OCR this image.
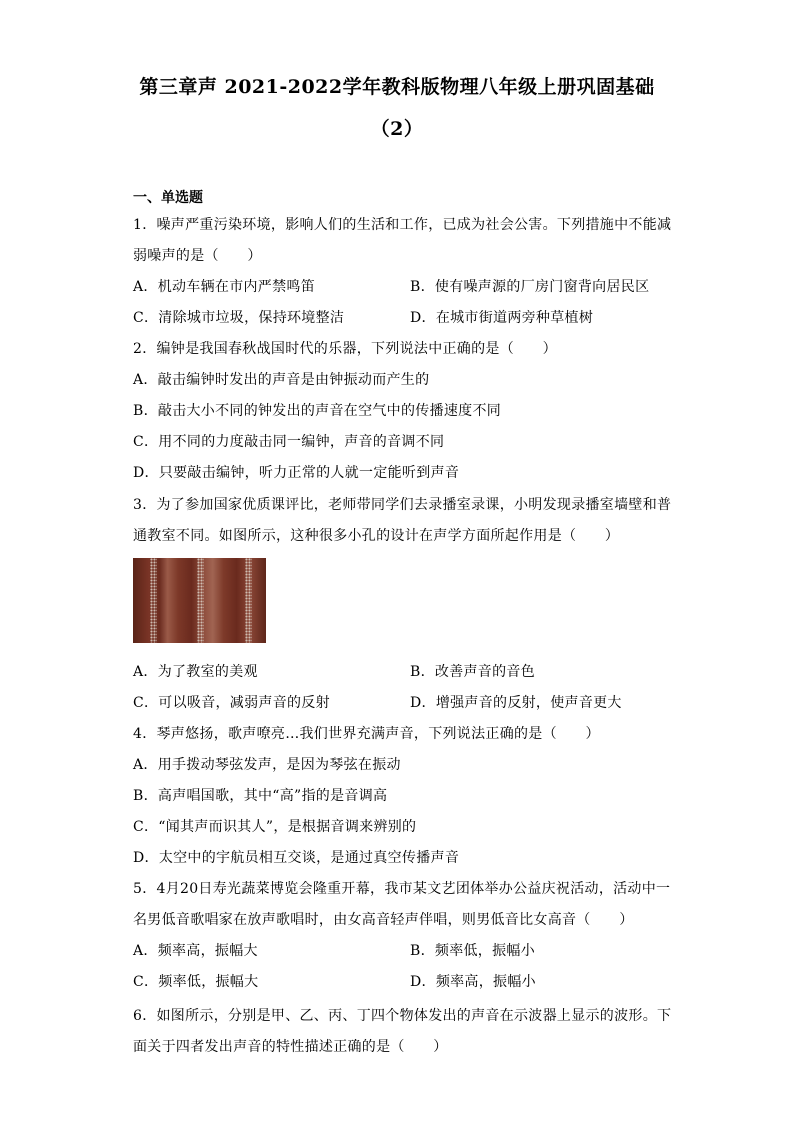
第三章声 2021-2022学年教科版物理八年级上册巩固基础
（2）
一、单选题
1．噪声严重污染环境，影响人们的生活和工作，已成为社会公害。下列措施中不能减
弱噪声的是（　　）
A．机动车辆在市内严禁鸣笛	B．使有噪声源的厂房门窗背向居民区
C．清除城市垃圾，保持环境整洁	D．在城市街道两旁种草植树
2．编钟是我国春秋战国时代的乐器，下列说法中正确的是（　　）
A．敲击编钟时发出的声音是由钟振动而产生的
B．敲击大小不同的钟发出的声音在空气中的传播速度不同
C．用不同的力度敲击同一编钟，声音的音调不同
D．只要敲击编钟，听力正常的人就一定能听到声音
3．为了参加国家优质课评比，老师带同学们去录播室录课，小明发现录播室墙壁和普
通教室不同。如图所示，这种很多小孔的设计在声学方面所起作用是（　　）
A．为了教室的美观	B．改善声音的音色
C．可以吸音，减弱声音的反射	D．增强声音的反射，使声音更大
4．琴声悠扬，歌声嘹亮…我们世界充满声音，下列说法正确的是（　　）
A．用手拨动琴弦发声，是因为琴弦在振动
B．高声唱国歌，其中“高”指的是音调高
C．“闻其声而识其人”，是根据音调来辨别的
D．太空中的宇航员相互交谈，是通过真空传播声音
5．4月20日寿光蔬菜博览会隆重开幕，我市某文艺团体举办公益庆祝活动，活动中一
名男低音歌唱家在放声歌唱时，由女高音轻声伴唱，则男低音比女高音（　　）
A．频率高，振幅大	B．频率低，振幅小
C．频率低，振幅大	D．频率高，振幅小
6．如图所示，分别是甲、乙、丙、丁四个物体发出的声音在示波器上显示的波形。下
面关于四者发出声音的特性描述正确的是（　　）
